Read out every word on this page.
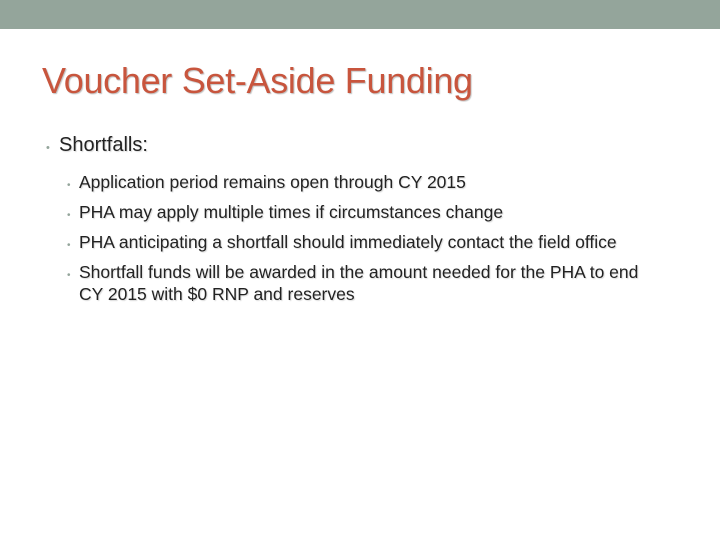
Voucher Set-Aside Funding
• Shortfalls:
• Application period remains open through CY 2015
• PHA may apply multiple times if circumstances change
• PHA anticipating a shortfall should immediately contact the field office
• Shortfall funds will be awarded in the amount needed for the PHA to end CY 2015 with $0 RNP and reserves
